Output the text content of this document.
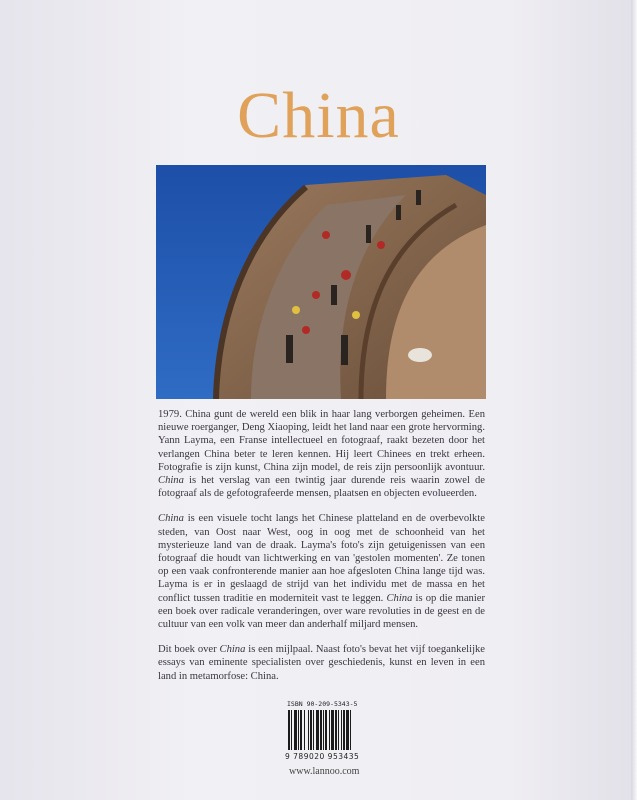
China

1979. China gunt de wereld een blik in haar lang verborgen geheimen. Een nieuwe roerganger, Deng Xiaoping, leidt het land naar een grote hervorming. Yann Layma, een Franse intellectueel en fotograaf, raakt bezeten door het verlangen China beter te leren kennen. Hij leert Chinees en trekt erheen. Fotografie is zijn kunst, China zijn model, de reis zijn persoonlijk avontuur. China is het verslag van een twintig jaar durende reis waarin zowel de fotograaf als de gefotografeerde mensen, plaatsen en objecten evolueerden.

China is een visuele tocht langs het Chinese platteland en de overbevolkte steden, van Oost naar West, oog in oog met de schoonheid van het mysterieuze land van de draak. Layma's foto's zijn getuigenissen van een fotograaf die houdt van lichtwerking en van 'gestolen momenten'. Ze tonen op een vaak confronterende manier aan hoe afgesloten China lange tijd was. Layma is er in geslaagd de strijd van het individu met de massa en het conflict tussen traditie en moderniteit vast te leggen. China is op die manier een boek over radicale veranderingen, over ware revoluties in de geest en de cultuur van een volk van meer dan anderhalf miljard mensen.

Dit boek over China is een mijlpaal. Naast foto's bevat het vijf toegankelijke essays van eminente specialisten over geschiedenis, kunst en leven in een land in metamorfose: China.

ISBN 90-209-5343-5
9 789020 953435
www.lannoo.com
